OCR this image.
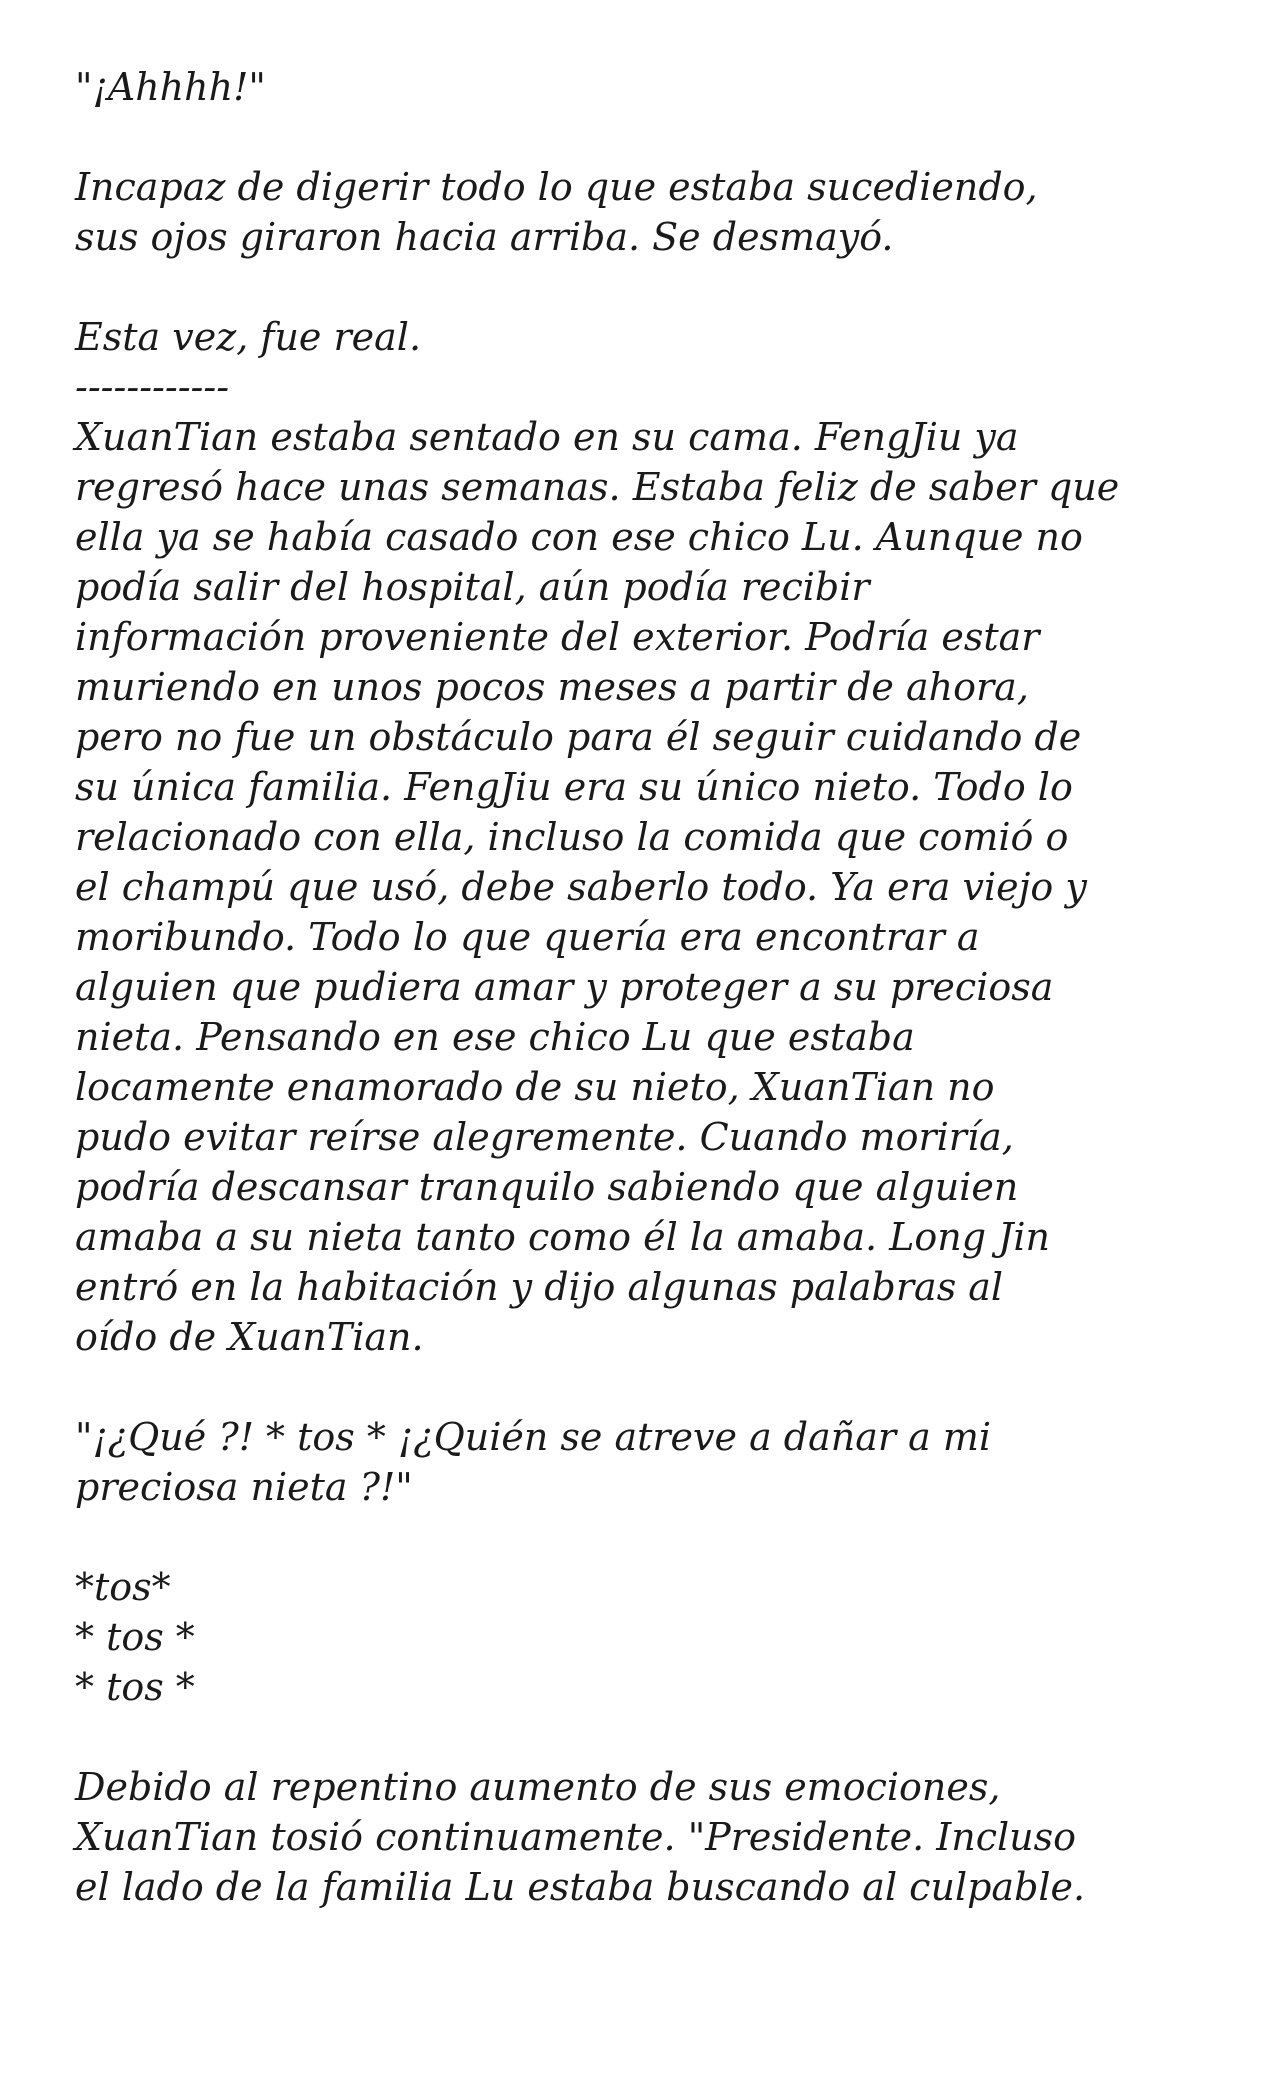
"¡Ahhhh!"
Incapaz de digerir todo lo que estaba sucediendo,
sus ojos giraron hacia arriba. Se desmayó.
Esta vez, fue real.
------------
XuanTian estaba sentado en su cama. FengJiu ya
regresó hace unas semanas. Estaba feliz de saber que
ella ya se había casado con ese chico Lu. Aunque no
podía salir del hospital, aún podía recibir
información proveniente del exterior. Podría estar
muriendo en unos pocos meses a partir de ahora,
pero no fue un obstáculo para él seguir cuidando de
su única familia. FengJiu era su único nieto. Todo lo
relacionado con ella, incluso la comida que comió o
el champú que usó, debe saberlo todo. Ya era viejo y
moribundo. Todo lo que quería era encontrar a
alguien que pudiera amar y proteger a su preciosa
nieta. Pensando en ese chico Lu que estaba
locamente enamorado de su nieto, XuanTian no
pudo evitar reírse alegremente. Cuando moriría,
podría descansar tranquilo sabiendo que alguien
amaba a su nieta tanto como él la amaba. Long Jin
entró en la habitación y dijo algunas palabras al
oído de XuanTian.
"¡¿Qué ?! * tos * ¡¿Quién se atreve a dañar a mi
preciosa nieta ?!"
*tos*
* tos *
* tos *
Debido al repentino aumento de sus emociones,
XuanTian tosió continuamente. "Presidente. Incluso
el lado de la familia Lu estaba buscando al culpable.
